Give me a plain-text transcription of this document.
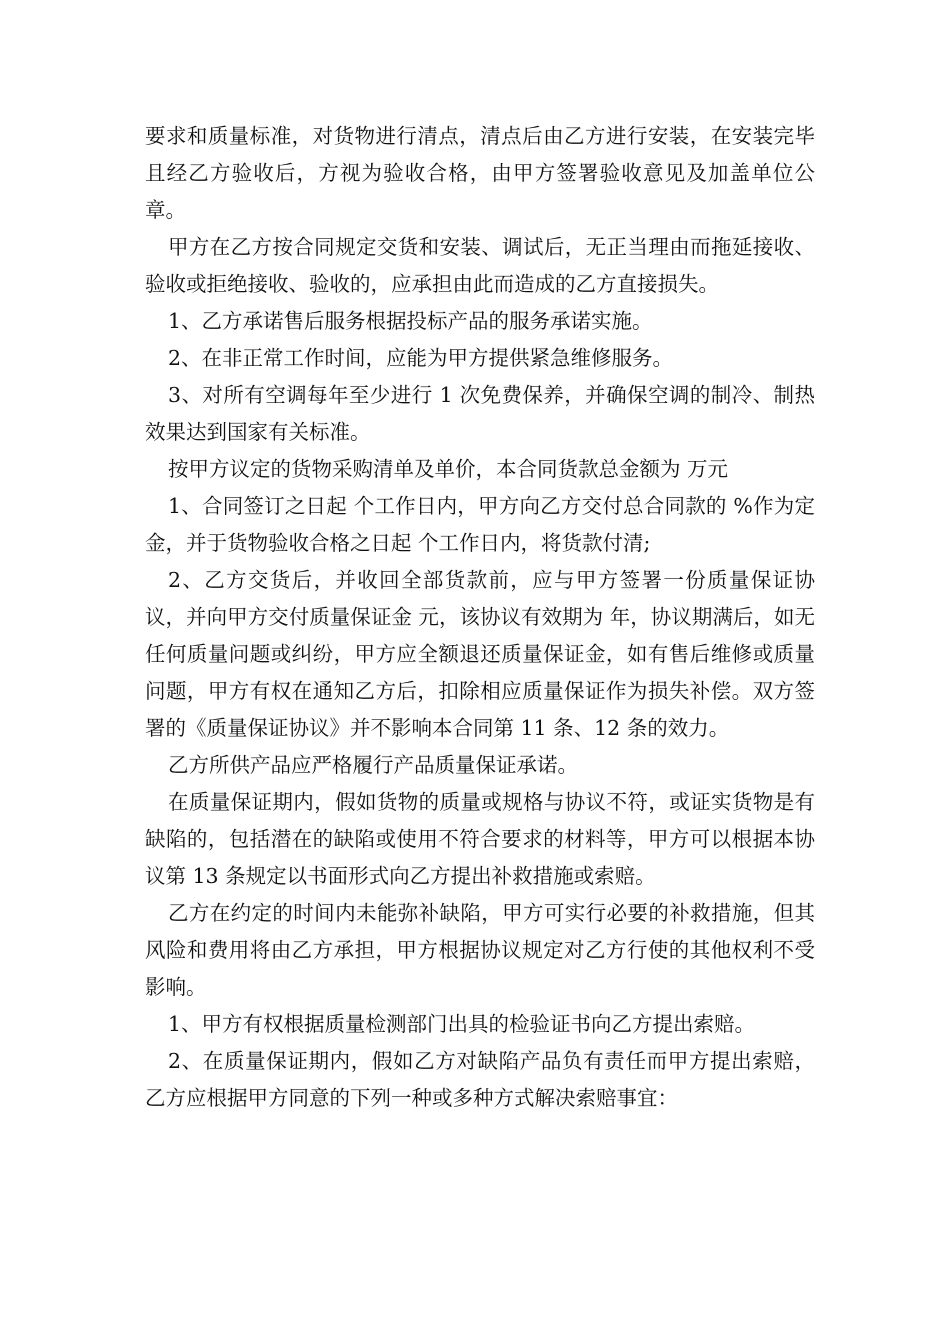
要求和质量标准，对货物进行清点，清点后由乙方进行安装，在安装完毕且经乙方验收后，方视为验收合格，由甲方签署验收意见及加盖单位公章。

甲方在乙方按合同规定交货和安装、调试后，无正当理由而拖延接收、验收或拒绝接收、验收的，应承担由此而造成的乙方直接损失。

1、乙方承诺售后服务根据投标产品的服务承诺实施。

2、在非正常工作时间，应能为甲方提供紧急维修服务。

3、对所有空调每年至少进行 1 次免费保养，并确保空调的制冷、制热效果达到国家有关标准。

按甲方议定的货物采购清单及单价，本合同货款总金额为 万元

1、合同签订之日起 个工作日内，甲方向乙方交付总合同款的 %作为定金，并于货物验收合格之日起 个工作日内，将货款付清;

2、乙方交货后，并收回全部货款前，应与甲方签署一份质量保证协议，并向甲方交付质量保证金 元，该协议有效期为 年，协议期满后，如无任何质量问题或纠纷，甲方应全额退还质量保证金，如有售后维修或质量问题，甲方有权在通知乙方后，扣除相应质量保证作为损失补偿。双方签署的《质量保证协议》并不影响本合同第 11 条、12 条的效力。

乙方所供产品应严格履行产品质量保证承诺。

在质量保证期内，假如货物的质量或规格与协议不符，或证实货物是有缺陷的，包括潜在的缺陷或使用不符合要求的材料等，甲方可以根据本协议第 13 条规定以书面形式向乙方提出补救措施或索赔。

乙方在约定的时间内未能弥补缺陷，甲方可实行必要的补救措施，但其风险和费用将由乙方承担，甲方根据协议规定对乙方行使的其他权利不受影响。

1、甲方有权根据质量检测部门出具的检验证书向乙方提出索赔。

2、在质量保证期内，假如乙方对缺陷产品负有责任而甲方提出索赔，乙方应根据甲方同意的下列一种或多种方式解决索赔事宜：
